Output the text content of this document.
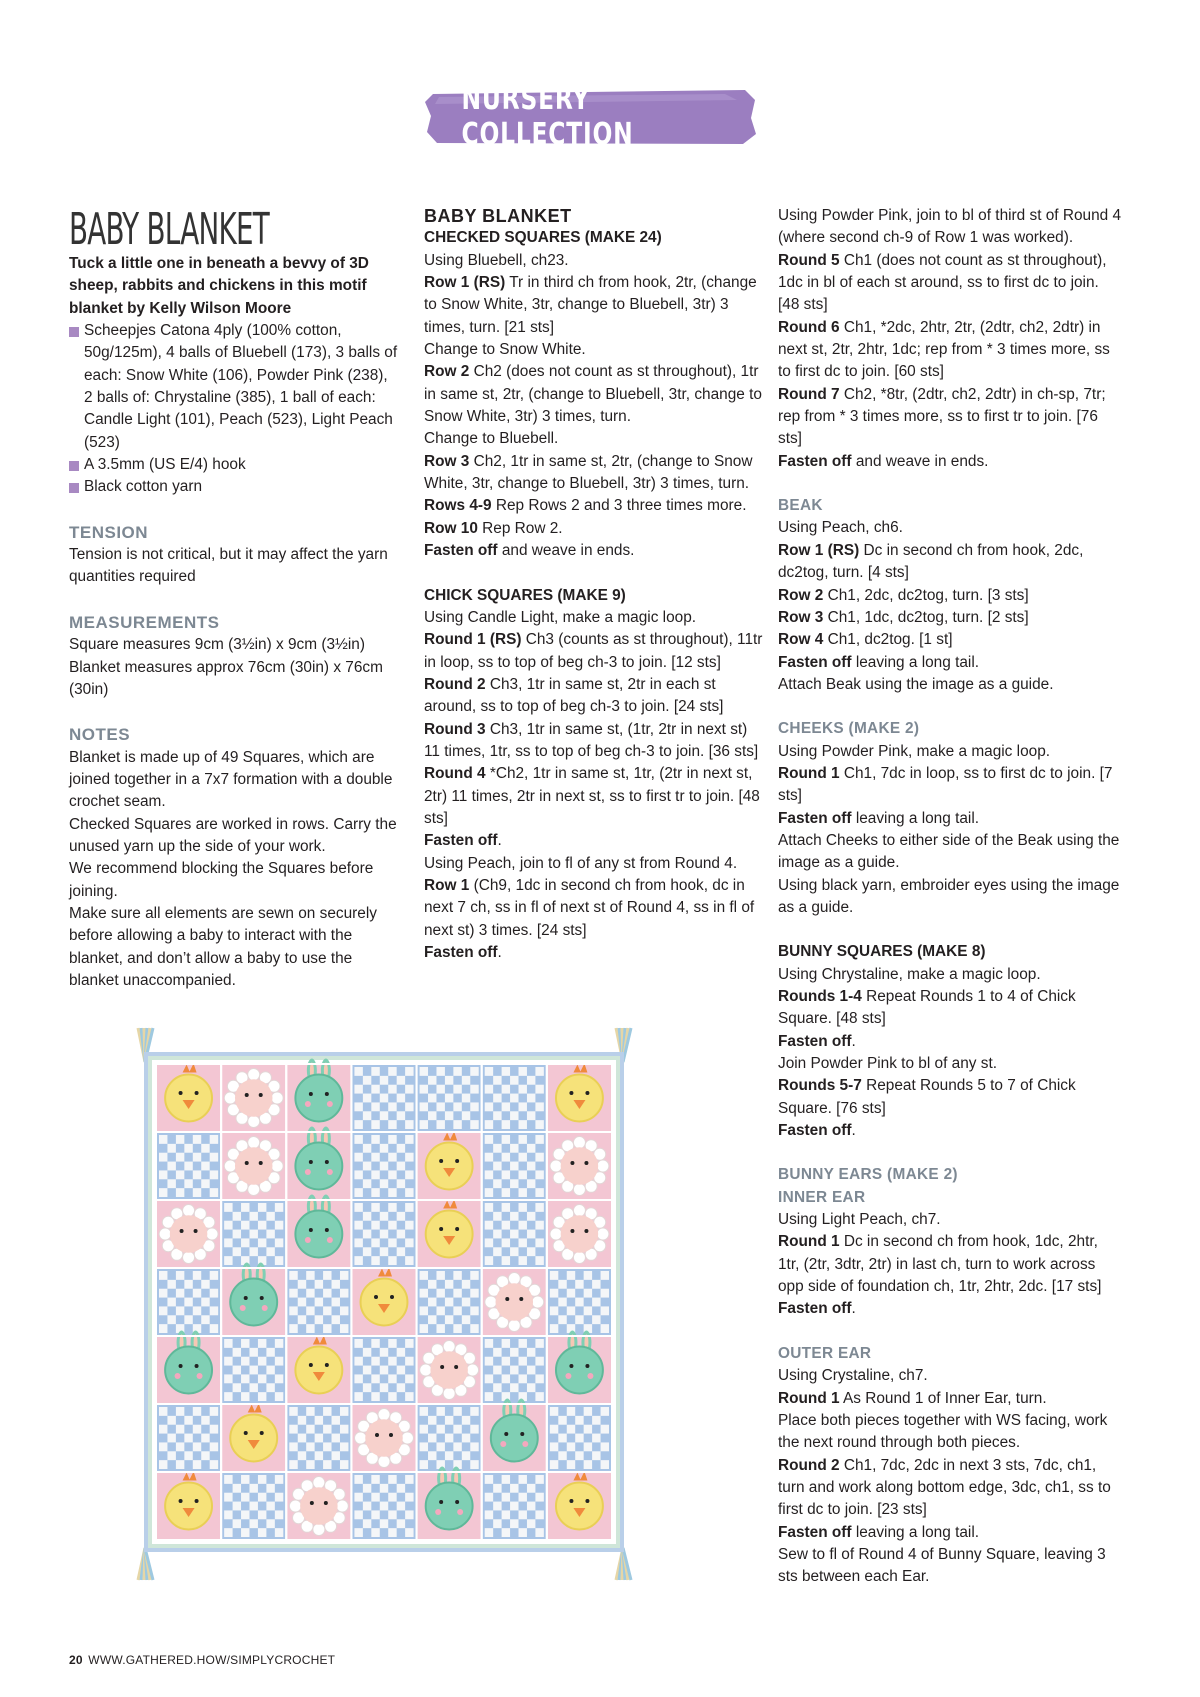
NURSERY COLLECTION

BABY BLANKET

Tuck a little one in beneath a bevvy of 3D sheep, rabbits and chickens in this motif blanket by Kelly Wilson Moore

Scheepjes Catona 4ply (100% cotton, 50g/125m), 4 balls of Bluebell (173), 3 balls of each: Snow White (106), Powder Pink (238), 2 balls of: Chrystaline (385), 1 ball of each: Candle Light (101), Peach (523), Light Peach (523)
A 3.5mm (US E/4) hook
Black cotton yarn

TENSION

Tension is not critical, but it may affect the yarn quantities required

MEASUREMENTS

Square measures 9cm (3½in) x 9cm (3½in)

Blanket measures approx 76cm (30in) x 76cm (30in)

NOTES

Blanket is made up of 49 Squares, which are joined together in a 7x7 formation with a double crochet seam.

Checked Squares are worked in rows. Carry the unused yarn up the side of your work.

We recommend blocking the Squares before joining.

Make sure all elements are sewn on securely before allowing a baby to interact with the blanket, and don’t allow a baby to use the blanket unaccompanied.

BABY BLANKET

CHECKED SQUARES (MAKE 24)

Using Bluebell, ch23.

Row 1 (RS) Tr in third ch from hook, 2tr, (change to Snow White, 3tr, change to Bluebell, 3tr) 3 times, turn. [21 sts]

Change to Snow White.

Row 2 Ch2 (does not count as st throughout), 1tr in same st, 2tr, (change to Bluebell, 3tr, change to Snow White, 3tr) 3 times, turn.

Change to Bluebell.

Row 3 Ch2, 1tr in same st, 2tr, (change to Snow White, 3tr, change to Bluebell, 3tr) 3 times, turn.

Rows 4-9 Rep Rows 2 and 3 three times more.

Row 10 Rep Row 2.

Fasten off and weave in ends.

CHICK SQUARES (MAKE 9)

Using Candle Light, make a magic loop.

Round 1 (RS) Ch3 (counts as st throughout), 11tr in loop, ss to top of beg ch-3 to join. [12 sts]

Round 2 Ch3, 1tr in same st, 2tr in each st around, ss to top of beg ch-3 to join. [24 sts]

Round 3 Ch3, 1tr in same st, (1tr, 2tr in next st) 11 times, 1tr, ss to top of beg ch-3 to join. [36 sts]

Round 4 *Ch2, 1tr in same st, 1tr, (2tr in next st, 2tr) 11 times, 2tr in next st, ss to first tr to join. [48 sts]

Fasten off.

Using Peach, join to fl of any st from Round 4.

Row 1 (Ch9, 1dc in second ch from hook, dc in next 7 ch, ss in fl of next st of Round 4, ss in fl of next st) 3 times. [24 sts]

Fasten off.

Using Powder Pink, join to bl of third st of Round 4 (where second ch-9 of Row 1 was worked).

Round 5 Ch1 (does not count as st throughout), 1dc in bl of each st around, ss to first dc to join. [48 sts]

Round 6 Ch1, *2dc, 2htr, 2tr, (2dtr, ch2, 2dtr) in next st, 2tr, 2htr, 1dc; rep from * 3 times more, ss to first dc to join. [60 sts]

Round 7 Ch2, *8tr, (2dtr, ch2, 2dtr) in ch-sp, 7tr; rep from * 3 times more, ss to first tr to join. [76 sts]

Fasten off and weave in ends.

BEAK

Using Peach, ch6.

Row 1 (RS) Dc in second ch from hook, 2dc, dc2tog, turn. [4 sts]

Row 2 Ch1, 2dc, dc2tog, turn. [3 sts]

Row 3 Ch1, 1dc, dc2tog, turn. [2 sts]

Row 4 Ch1, dc2tog. [1 st]

Fasten off leaving a long tail.

Attach Beak using the image as a guide.

CHEEKS (MAKE 2)

Using Powder Pink, make a magic loop.

Round 1 Ch1, 7dc in loop, ss to first dc to join. [7 sts]

Fasten off leaving a long tail.

Attach Cheeks to either side of the Beak using the image as a guide.

Using black yarn, embroider eyes using the image as a guide.

BUNNY SQUARES (MAKE 8)

Using Chrystaline, make a magic loop.

Rounds 1-4 Repeat Rounds 1 to 4 of Chick Square. [48 sts]

Fasten off.

Join Powder Pink to bl of any st.

Rounds 5-7 Repeat Rounds 5 to 7 of Chick Square. [76 sts]

Fasten off.

BUNNY EARS (MAKE 2)

INNER EAR

Using Light Peach, ch7.

Round 1 Dc in second ch from hook, 1dc, 2htr, 1tr, (2tr, 3dtr, 2tr) in last ch, turn to work across opp side of foundation ch, 1tr, 2htr, 2dc. [17 sts]

Fasten off.

OUTER EAR

Using Crystaline, ch7.

Round 1 As Round 1 of Inner Ear, turn.

Place both pieces together with WS facing, work the next round through both pieces.

Round 2 Ch1, 7dc, 2dc in next 3 sts, 7dc, ch1, turn and work along bottom edge, 3dc, ch1, ss to first dc to join. [23 sts]

Fasten off leaving a long tail.

Sew to fl of Round 4 of Bunny Square, leaving 3 sts between each Ear.

20 WWW.GATHERED.HOW/SIMPLYCROCHET
